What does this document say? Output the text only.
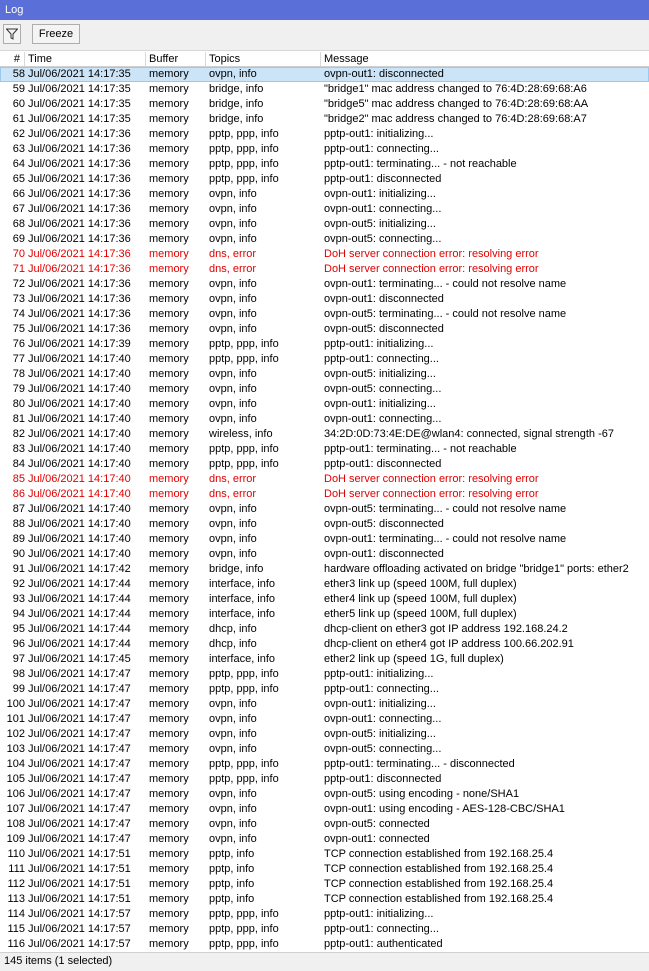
Log
Freeze
# Time	Buffer	Topics	Message
58 Jul/06/2021 14:17:35	memory	ovpn, info	ovpn-out1: disconnected
59 Jul/06/2021 14:17:35	memory	bridge, info	"bridge1" mac address changed to 76:4D:28:69:68:A6
60 Jul/06/2021 14:17:35	memory	bridge, info	"bridge5" mac address changed to 76:4D:28:69:68:AA
61 Jul/06/2021 14:17:35	memory	bridge, info	"bridge2" mac address changed to 76:4D:28:69:68:A7
62 Jul/06/2021 14:17:36	memory	pptp, ppp, info	pptp-out1: initializing...
63 Jul/06/2021 14:17:36	memory	pptp, ppp, info	pptp-out1: connecting...
64 Jul/06/2021 14:17:36	memory	pptp, ppp, info	pptp-out1: terminating... - not reachable
65 Jul/06/2021 14:17:36	memory	pptp, ppp, info	pptp-out1: disconnected
66 Jul/06/2021 14:17:36	memory	ovpn, info	ovpn-out1: initializing...
67 Jul/06/2021 14:17:36	memory	ovpn, info	ovpn-out1: connecting...
68 Jul/06/2021 14:17:36	memory	ovpn, info	ovpn-out5: initializing...
69 Jul/06/2021 14:17:36	memory	ovpn, info	ovpn-out5: connecting...
70 Jul/06/2021 14:17:36	memory	dns, error	DoH server connection error: resolving error
71 Jul/06/2021 14:17:36	memory	dns, error	DoH server connection error: resolving error
72 Jul/06/2021 14:17:36	memory	ovpn, info	ovpn-out1: terminating... - could not resolve name
73 Jul/06/2021 14:17:36	memory	ovpn, info	ovpn-out1: disconnected
74 Jul/06/2021 14:17:36	memory	ovpn, info	ovpn-out5: terminating... - could not resolve name
75 Jul/06/2021 14:17:36	memory	ovpn, info	ovpn-out5: disconnected
76 Jul/06/2021 14:17:39	memory	pptp, ppp, info	pptp-out1: initializing...
77 Jul/06/2021 14:17:40	memory	pptp, ppp, info	pptp-out1: connecting...
78 Jul/06/2021 14:17:40	memory	ovpn, info	ovpn-out5: initializing...
79 Jul/06/2021 14:17:40	memory	ovpn, info	ovpn-out5: connecting...
80 Jul/06/2021 14:17:40	memory	ovpn, info	ovpn-out1: initializing...
81 Jul/06/2021 14:17:40	memory	ovpn, info	ovpn-out1: connecting...
82 Jul/06/2021 14:17:40	memory	wireless, info	34:2D:0D:73:4E:DE@wlan4: connected, signal strength -67
83 Jul/06/2021 14:17:40	memory	pptp, ppp, info	pptp-out1: terminating... - not reachable
84 Jul/06/2021 14:17:40	memory	pptp, ppp, info	pptp-out1: disconnected
85 Jul/06/2021 14:17:40	memory	dns, error	DoH server connection error: resolving error
86 Jul/06/2021 14:17:40	memory	dns, error	DoH server connection error: resolving error
87 Jul/06/2021 14:17:40	memory	ovpn, info	ovpn-out5: terminating... - could not resolve name
88 Jul/06/2021 14:17:40	memory	ovpn, info	ovpn-out5: disconnected
89 Jul/06/2021 14:17:40	memory	ovpn, info	ovpn-out1: terminating... - could not resolve name
90 Jul/06/2021 14:17:40	memory	ovpn, info	ovpn-out1: disconnected
91 Jul/06/2021 14:17:42	memory	bridge, info	hardware offloading activated on bridge "bridge1" ports: ether2
92 Jul/06/2021 14:17:44	memory	interface, info	ether3 link up (speed 100M, full duplex)
93 Jul/06/2021 14:17:44	memory	interface, info	ether4 link up (speed 100M, full duplex)
94 Jul/06/2021 14:17:44	memory	interface, info	ether5 link up (speed 100M, full duplex)
95 Jul/06/2021 14:17:44	memory	dhcp, info	dhcp-client on ether3 got IP address 192.168.24.2
96 Jul/06/2021 14:17:44	memory	dhcp, info	dhcp-client on ether4 got IP address 100.66.202.91
97 Jul/06/2021 14:17:45	memory	interface, info	ether2 link up (speed 1G, full duplex)
98 Jul/06/2021 14:17:47	memory	pptp, ppp, info	pptp-out1: initializing...
99 Jul/06/2021 14:17:47	memory	pptp, ppp, info	pptp-out1: connecting...
100 Jul/06/2021 14:17:47	memory	ovpn, info	ovpn-out1: initializing...
101 Jul/06/2021 14:17:47	memory	ovpn, info	ovpn-out1: connecting...
102 Jul/06/2021 14:17:47	memory	ovpn, info	ovpn-out5: initializing...
103 Jul/06/2021 14:17:47	memory	ovpn, info	ovpn-out5: connecting...
104 Jul/06/2021 14:17:47	memory	pptp, ppp, info	pptp-out1: terminating... - disconnected
105 Jul/06/2021 14:17:47	memory	pptp, ppp, info	pptp-out1: disconnected
106 Jul/06/2021 14:17:47	memory	ovpn, info	ovpn-out5: using encoding - none/SHA1
107 Jul/06/2021 14:17:47	memory	ovpn, info	ovpn-out1: using encoding - AES-128-CBC/SHA1
108 Jul/06/2021 14:17:47	memory	ovpn, info	ovpn-out5: connected
109 Jul/06/2021 14:17:47	memory	ovpn, info	ovpn-out1: connected
110 Jul/06/2021 14:17:51	memory	pptp, info	TCP connection established from 192.168.25.4
111 Jul/06/2021 14:17:51	memory	pptp, info	TCP connection established from 192.168.25.4
112 Jul/06/2021 14:17:51	memory	pptp, info	TCP connection established from 192.168.25.4
113 Jul/06/2021 14:17:51	memory	pptp, info	TCP connection established from 192.168.25.4
114 Jul/06/2021 14:17:57	memory	pptp, ppp, info	pptp-out1: initializing...
115 Jul/06/2021 14:17:57	memory	pptp, ppp, info	pptp-out1: connecting...
116 Jul/06/2021 14:17:57	memory	pptp, ppp, info	pptp-out1: authenticated
145 items (1 selected)
